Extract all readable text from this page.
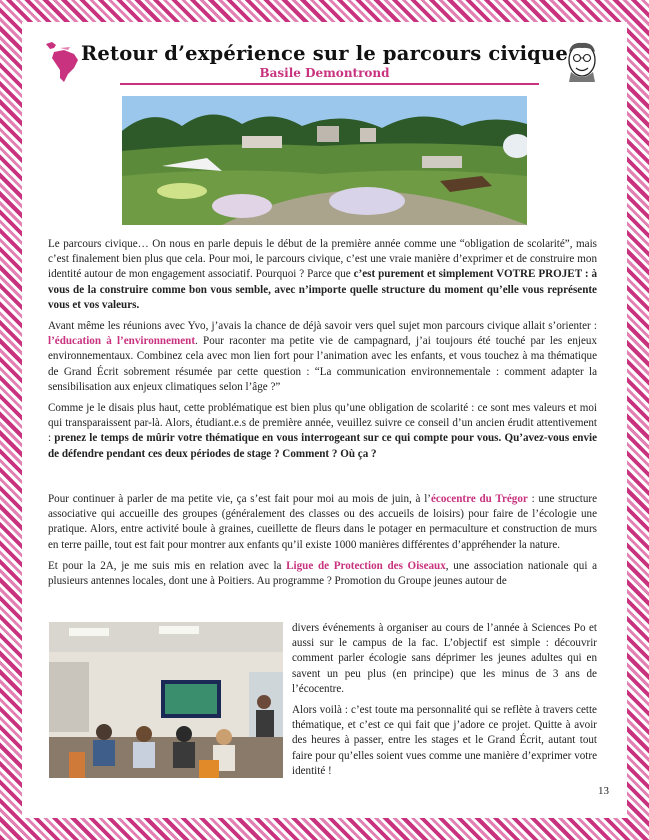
Retour d’expérience sur le parcours civique
Basile Demontrond

Le parcours civique… On nous en parle depuis le début de la première année comme une “obligation de scolarité”, mais c’est finalement bien plus que cela. Pour moi, le parcours civique, c’est une vraie manière d’exprimer et de construire mon identité autour de mon engagement associatif. Pourquoi ? Parce que c’est purement et simplement VOTRE PROJET : à vous de la construire comme bon vous semble, avec n’importe quelle structure du moment qu’elle vous représente vous et vos valeurs.

Avant même les réunions avec Yvo, j’avais la chance de déjà savoir vers quel sujet mon parcours civique allait s’orienter : l’éducation à l’environnement. Pour raconter ma petite vie de campagnard, j’ai toujours été touché par les enjeux environnementaux. Combinez cela avec mon lien fort pour l’animation avec les enfants, et vous touchez à ma thématique de Grand Écrit sobrement résumée par cette question : “La communication environnementale : comment adapter la sensibilisation aux enjeux climatiques selon l’âge ?”

Comme je le disais plus haut, cette problématique est bien plus qu’une obligation de scolarité : ce sont mes valeurs et moi qui transparaissent par-là. Alors, étudiant.e.s de première année, veuillez suivre ce conseil d’un ancien érudit attentivement : prenez le temps de mûrir votre thématique en vous interrogeant sur ce qui compte pour vous. Qu’avez-vous envie de défendre pendant ces deux périodes de stage ? Comment ? Où ça ?

Pour continuer à parler de ma petite vie, ça s’est fait pour moi au mois de juin, à l’écocentre du Trégor : une structure associative qui accueille des groupes (généralement des classes ou des accueils de loisirs) pour faire de l’écologie une pratique. Alors, entre activité boule à graines, cueillette de fleurs dans le potager en permaculture et construction de murs en terre paille, tout est fait pour montrer aux enfants qu’il existe 1000 manières différentes d’appréhender la nature.

Et pour la 2A, je me suis mis en relation avec la Ligue de Protection des Oiseaux, une association nationale qui a plusieurs antennes locales, dont une à Poitiers. Au programme ? Promotion du Groupe jeunes autour de

divers événements à organiser au cours de l’année à Sciences Po et aussi sur le campus de la fac. L’objectif est simple : découvrir comment parler écologie sans déprimer les jeunes adultes qui en savent un peu plus (en principe) que les minus de 3 ans de l’écocentre.

Alors voilà : c’est toute ma personnalité qui se reflète à travers cette thématique, et c’est ce qui fait que j’adore ce projet. Quitte à avoir des heures à passer, entre les stages et le Grand Écrit, autant tout faire pour qu’elles soient vues comme une manière d’exprimer votre identité !

13
